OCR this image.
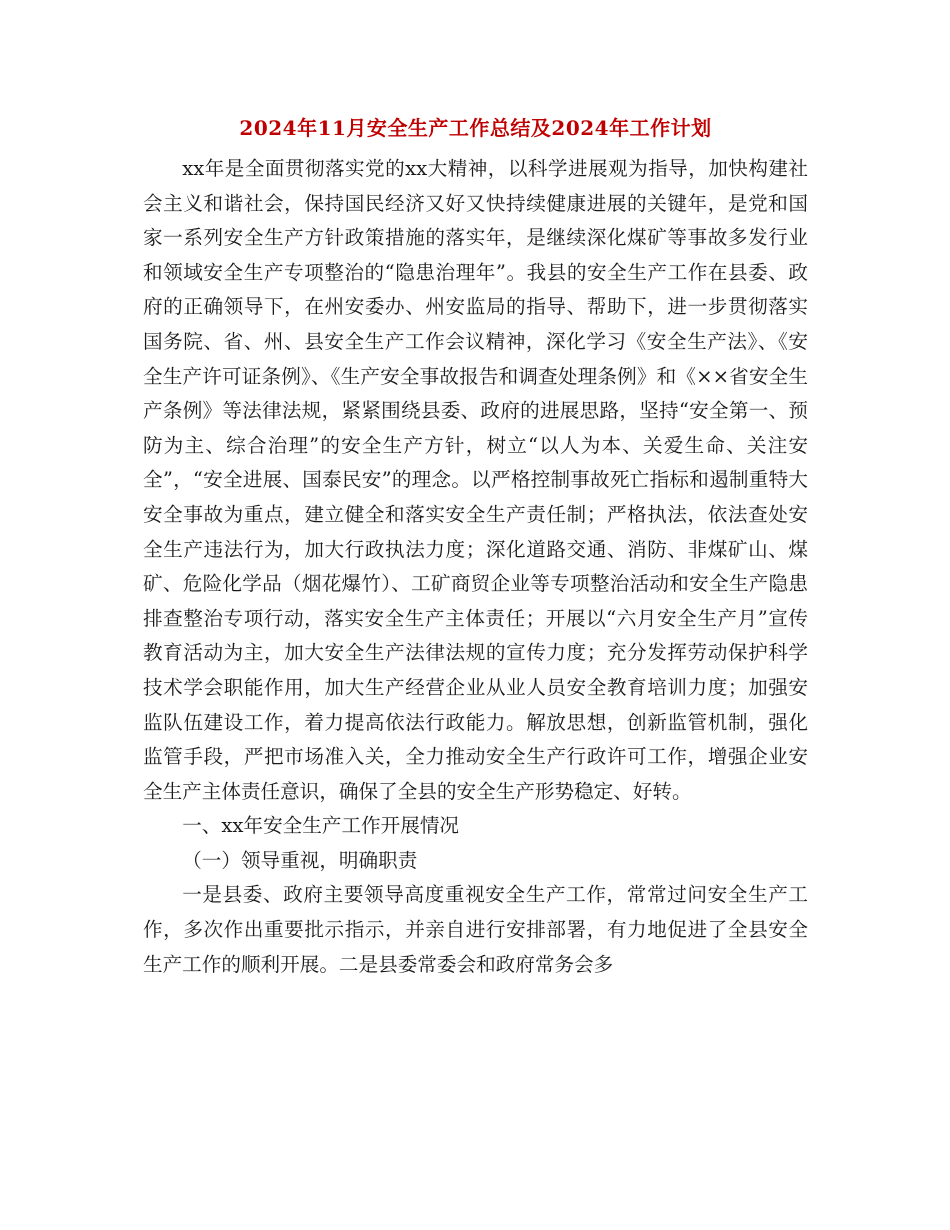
2024年11月安全生产工作总结及2024年工作计划

xx年是全面贯彻落实党的xx大精神，以科学进展观为指导，加快构建社会主义和谐社会，保持国民经济又好又快持续健康进展的关键年，是党和国家一系列安全生产方针政策措施的落实年，是继续深化煤矿等事故多发行业和领域安全生产专项整治的“隐患治理年”。我县的安全生产工作在县委、政府的正确领导下，在州安委办、州安监局的指导、帮助下，进一步贯彻落实国务院、省、州、县安全生产工作会议精神，深化学习《安全生产法》、《安全生产许可证条例》、《生产安全事故报告和调查处理条例》和《××省安全生产条例》等法律法规，紧紧围绕县委、政府的进展思路，坚持“安全第一、预防为主、综合治理”的安全生产方针，树立“以人为本、关爱生命、关注安全”，“安全进展、国泰民安”的理念。以严格控制事故死亡指标和遏制重特大安全事故为重点，建立健全和落实安全生产责任制；严格执法，依法查处安全生产违法行为，加大行政执法力度；深化道路交通、消防、非煤矿山、煤矿、危险化学品（烟花爆竹）、工矿商贸企业等专项整治活动和安全生产隐患排查整治专项行动，落实安全生产主体责任；开展以“六月安全生产月”宣传教育活动为主，加大安全生产法律法规的宣传力度；充分发挥劳动保护科学技术学会职能作用，加大生产经营企业从业人员安全教育培训力度；加强安监队伍建设工作，着力提高依法行政能力。解放思想，创新监管机制，强化监管手段，严把市场准入关，全力推动安全生产行政许可工作，增强企业安全生产主体责任意识，确保了全县的安全生产形势稳定、好转。

一、xx年安全生产工作开展情况

（一）领导重视，明确职责

一是县委、政府主要领导高度重视安全生产工作，常常过问安全生产工作，多次作出重要批示指示，并亲自进行安排部署，有力地促进了全县安全生产工作的顺利开展。二是县委常委会和政府常务会多
